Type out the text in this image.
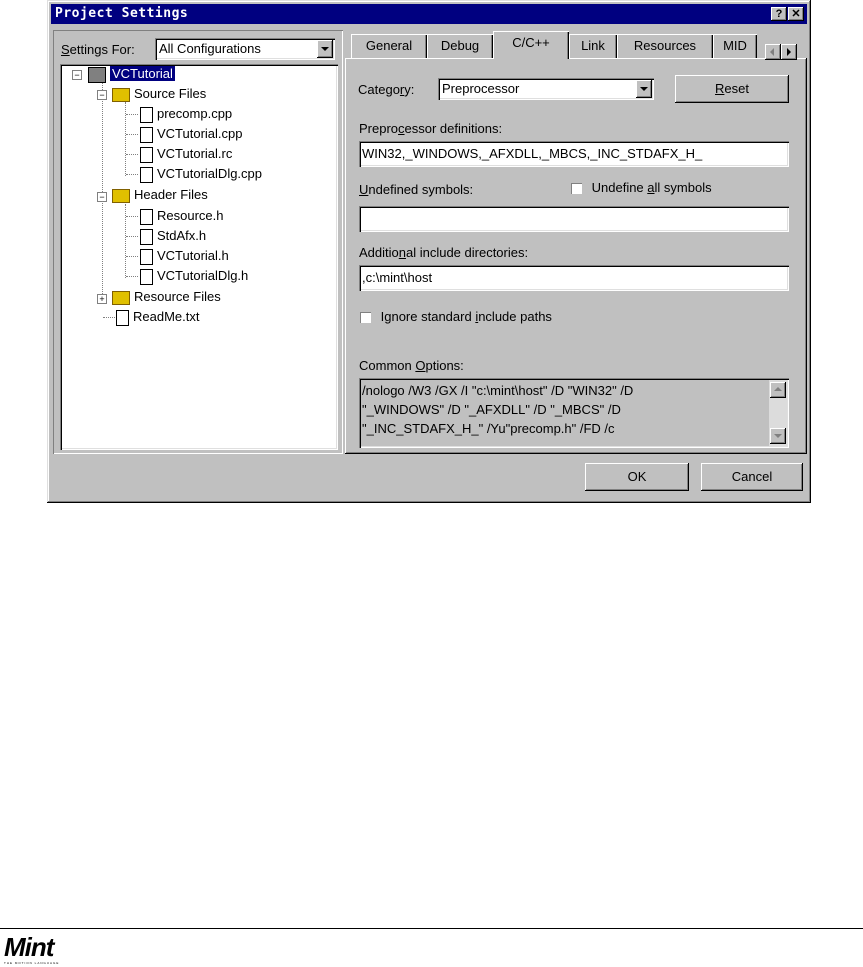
Project Settings	? ✕
Settings For: All Configurations
−	VCTutorial
−	Source Files
precomp.cpp
VCTutorial.cpp
VCTutorial.rc
VCTutorialDlg.cpp
−	Header Files
Resource.h
StdAfx.h
VCTutorial.h
VCTutorialDlg.h
+	Resource Files
ReadMe.txt
General	Debug	C/C++	Link	Resources	MID
Category: Preprocessor	Reset
Preprocessor definitions:
WIN32,_WINDOWS,_AFXDLL,_MBCS,_INC_STDAFX_H_
Undefined symbols:	Undefine all symbols
Additional include directories:
,c:\mint\host
Ignore standard include paths
Common Options:
/nologo /W3 /GX /I "c:\mint\host" /D "WIN32" /D
"_WINDOWS" /D "_AFXDLL" /D "_MBCS" /D
"_INC_STDAFX_H_" /Yu"precomp.h" /FD /c
OK	Cancel
Mint
THE MOTION LANGUAGE
